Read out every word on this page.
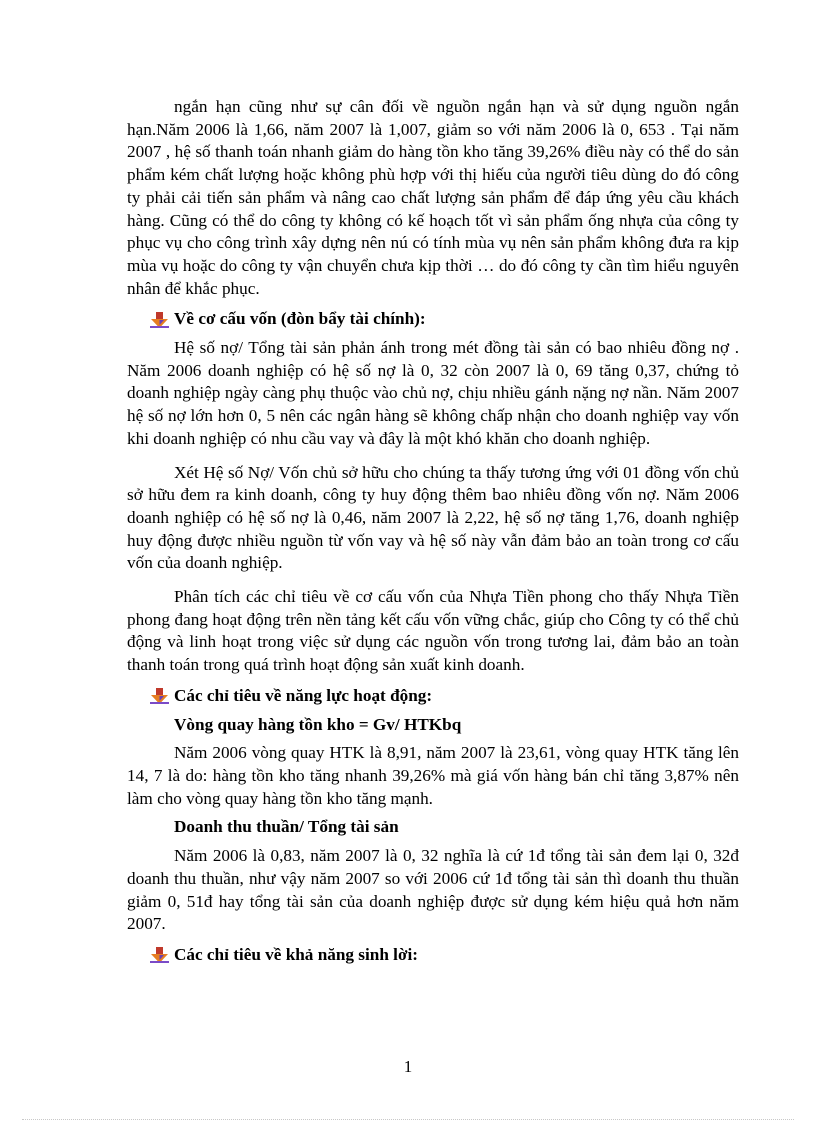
ngắn hạn cũng như sự cân đối về nguồn ngắn hạn và sử dụng nguồn ngắn hạn.Năm 2006 là 1,66, năm 2007 là 1,007, giảm so với năm 2006 là 0, 653 . Tại năm 2007 , hệ số thanh toán nhanh giảm do hàng tồn kho tăng 39,26% điều này có thể do sản phẩm kém chất lượng hoặc không phù hợp với thị hiếu của người tiêu dùng do đó công ty phải cải tiến sản phẩm và nâng cao chất lượng sản phẩm để đáp ứng yêu cầu khách hàng. Cũng có thể do công ty không có kế hoạch tốt vì sản phẩm ống nhựa của công ty phục vụ cho công trình xây dựng nên nú có tính mùa vụ nên sản phẩm không đưa ra kịp mùa vụ hoặc do công ty vận chuyển chưa kịp thời … do đó công ty cần tìm hiểu nguyên nhân để khắc phục.

Về cơ cấu vốn (đòn bẩy tài chính):

Hệ số nợ/ Tổng tài sản phản ánh trong mét đồng tài sản có bao nhiêu đồng nợ . Năm 2006 doanh nghiệp có hệ số nợ là 0, 32 còn 2007 là 0, 69 tăng 0,37, chứng tỏ doanh nghiệp ngày càng phụ thuộc vào chủ nợ, chịu nhiều gánh nặng nợ nần. Năm 2007 hệ số nợ lớn hơn 0, 5 nên các ngân hàng sẽ không chấp nhận cho doanh nghiệp vay vốn khi doanh nghiệp có nhu cầu vay và đây là một khó khăn cho doanh nghiệp.

Xét Hệ số Nợ/ Vốn chủ sở hữu cho chúng ta thấy tương ứng với 01 đồng vốn chủ sở hữu đem ra kinh doanh, công ty huy động thêm bao nhiêu đồng vốn nợ. Năm 2006 doanh nghiệp có hệ số nợ là 0,46, năm 2007 là 2,22, hệ số nợ tăng 1,76, doanh nghiệp huy động được nhiều nguồn từ vốn vay và hệ số này vẫn đảm bảo an toàn trong cơ cấu vốn của doanh nghiệp.

Phân tích các chỉ tiêu về cơ cấu vốn của Nhựa Tiền phong cho thấy Nhựa Tiền phong đang hoạt động trên nền tảng kết cấu vốn vững chắc, giúp cho Công ty có thể chủ động và linh hoạt trong việc sử dụng các nguồn vốn trong tương lai, đảm bảo an toàn thanh toán trong quá trình hoạt động sản xuất kinh doanh.

Các chỉ tiêu về năng lực hoạt động:
Vòng quay hàng tồn kho = Gv/ HTKbq

Năm 2006 vòng quay HTK là 8,91, năm 2007 là 23,61, vòng quay HTK tăng lên 14, 7 là do: hàng tồn kho tăng nhanh 39,26% mà giá vốn hàng bán chỉ tăng 3,87% nên làm cho vòng quay hàng tồn kho tăng mạnh.

Doanh thu thuần/ Tổng tài sản

Năm 2006 là 0,83, năm 2007 là 0, 32 nghĩa là cứ 1đ tổng tài sản đem lại 0, 32đ doanh thu thuần, như vậy năm 2007 so với 2006 cứ 1đ tổng tài sản thì doanh thu thuần giảm 0, 51đ hay tổng tài sản của doanh nghiệp được sử dụng kém hiệu quả hơn năm 2007.

Các chỉ tiêu về khả năng sinh lời:
1
